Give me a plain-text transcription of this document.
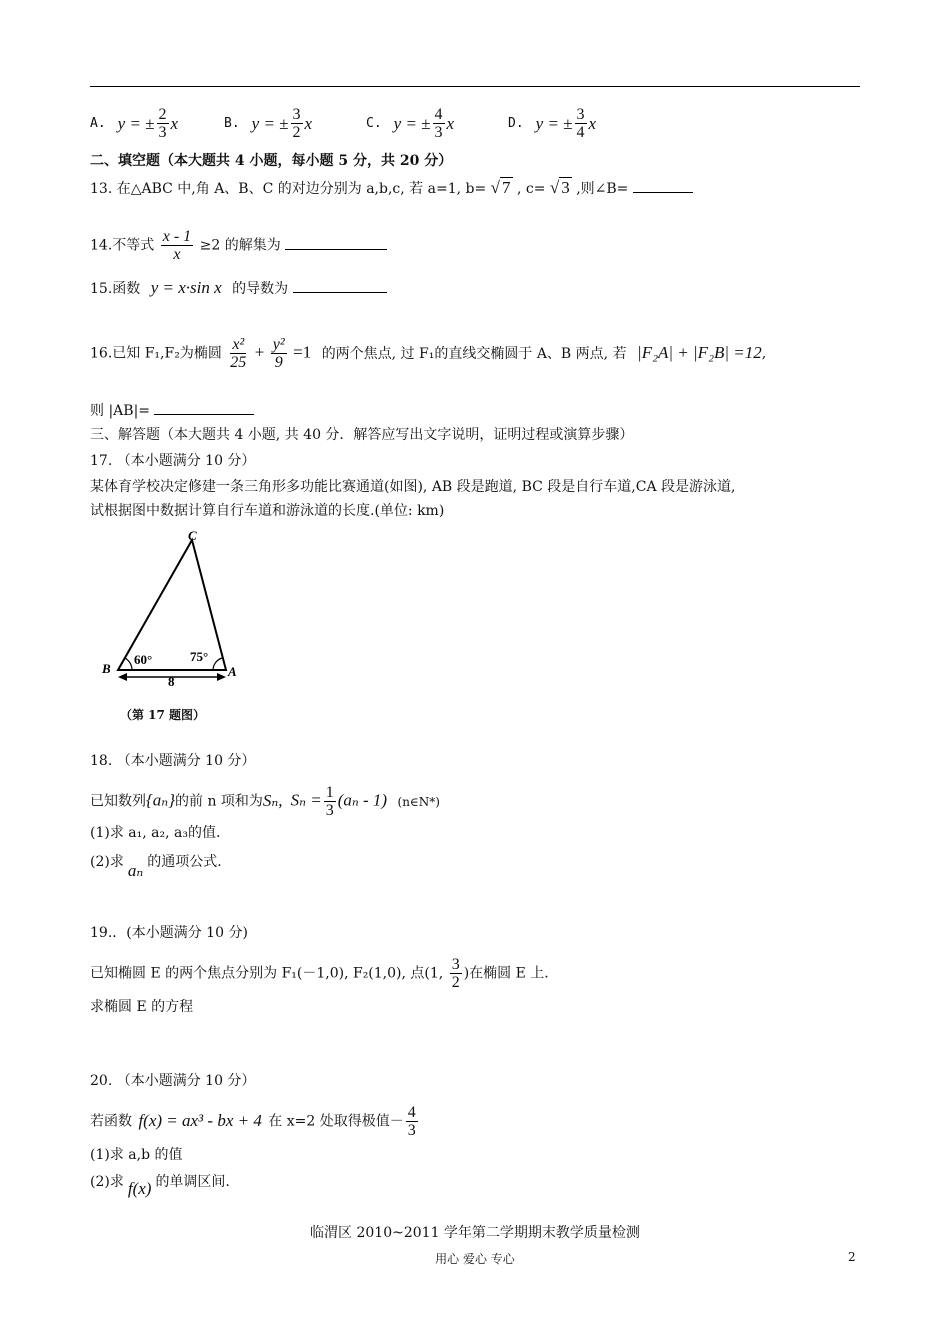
A. y = ± $\frac{2}{3}$ x	B. y = ± $\frac{3}{2}$ x	C. y = ± $\frac{4}{3}$ x	D. y = ± $\frac{3}{4}$ x
二、填空题（本大题共 4 小题，每小题 5 分，共 20 分）
13. 在△ABC 中,角 A、B、C 的对边分别为 a,b,c, 若 a=1, b= √ 7 , c= √ 3 ,则∠B=
14.不等式 $\frac{x - 1}{x} \ge 2$ 的解集为
15.函数 y = x·sin x 的导数为
16.已知 F₁,F₂为椭圆 $\frac{\text{x²}}{25} + \frac{\text{y²}}{9} =1$ 的两个焦点, 过 F₁的直线交椭圆于 A、B 两点, 若 |F₂A| + |F₂B| =12,
则 |AB|=
三、解答题（本大题共 4 小题, 共 40 分．解答应写出文字说明，证明过程或演算步骤）
17. （本小题满分 10 分）
某体育学校决定修建一条三角形多功能比赛通道(如图), AB 段是跑道, BC 段是自行车道,CA 段是游泳道,
试根据图中数据计算自行车道和游泳道的长度.(单位: km)
C
B	A
60°	75°
8
（第 17 题图）
18. （本小题满分 10 分）
已知数列{aₙ}的前 n 项和为Sₙ, $S_n = \frac{1}{3} (a_n - 1)$ (n∈N*)
(1)求 a₁, a₂, a₃的值.
(2)求 aₙ 的通项公式.
19.．(本小题满分 10 分)
已知椭圆 E 的两个焦点分别为 F₁(－1,0), F₂(1,0), 点(1, $\frac{3}{2}$ )在椭圆 E 上.
求椭圆 E 的方程
20. （本小题满分 10 分）
若函数 f(x) = ax³ - bx + 4 在 x=2 处取得极值－ $\frac{4}{3}$
(1)求 a,b 的值
(2)求 f(x) 的单调区间.
临渭区 2010~2011 学年第二学期期末教学质量检测
用心 爱心 专心	2
